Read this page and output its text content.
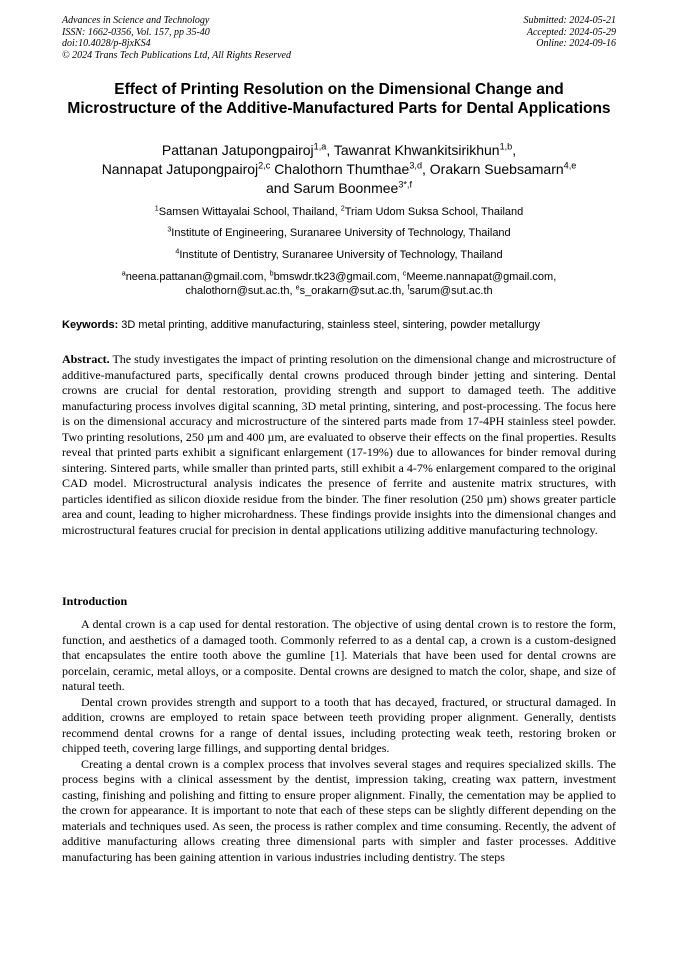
Advances in Science and Technology
ISSN: 1662-0356, Vol. 157, pp 35-40
doi:10.4028/p-8jxKS4
© 2024 Trans Tech Publications Ltd, All Rights Reserved
Submitted: 2024-05-21
Accepted: 2024-05-29
Online: 2024-09-16
Effect of Printing Resolution on the Dimensional Change and Microstructure of the Additive-Manufactured Parts for Dental Applications
Pattanan Jatupongpairoj$^{1,a}$, Tawanrat Khwankitsirikhun$^{1,b}$,
Nannapat Jatupongpairoj$^{2,c}$ Chalothorn Thumthae$^{3,d}$, Orakarn Suebsamarn$^{4,e}$
and Sarum Boonmee$^{3*,f}$
$^1$Samsen Wittayalai School, Thailand, $^2$Triam Udom Suksa School, Thailand
$^3$Institute of Engineering, Suranaree University of Technology, Thailand
$^4$Institute of Dentistry, Suranaree University of Technology, Thailand
$^a$neena.pattanan@gmail.com, $^b$bmswdr.tk23@gmail.com, $^c$Meeme.nannapat@gmail.com,
chalothorn@sut.ac.th, $^e$s_orakarn@sut.ac.th, $^f$sarum@sut.ac.th
Keywords: 3D metal printing, additive manufacturing, stainless steel, sintering, powder metallurgy
Abstract. The study investigates the impact of printing resolution on the dimensional change and microstructure of additive-manufactured parts, specifically dental crowns produced through binder jetting and sintering. Dental crowns are crucial for dental restoration, providing strength and support to damaged teeth. The additive manufacturing process involves digital scanning, 3D metal printing, sintering, and post-processing. The focus here is on the dimensional accuracy and microstructure of the sintered parts made from 17-4PH stainless steel powder. Two printing resolutions, 250 µm and 400 µm, are evaluated to observe their effects on the final properties. Results reveal that printed parts exhibit a significant enlargement (17-19%) due to allowances for binder removal during sintering. Sintered parts, while smaller than printed parts, still exhibit a 4-7% enlargement compared to the original CAD model. Microstructural analysis indicates the presence of ferrite and austenite matrix structures, with particles identified as silicon dioxide residue from the binder. The finer resolution (250 µm) shows greater particle area and count, leading to higher microhardness. These findings provide insights into the dimensional changes and microstructural features crucial for precision in dental applications utilizing additive manufacturing technology.
Introduction

A dental crown is a cap used for dental restoration. The objective of using dental crown is to restore the form, function, and aesthetics of a damaged tooth. Commonly referred to as a dental cap, a crown is a custom-designed that encapsulates the entire tooth above the gumline [1]. Materials that have been used for dental crowns are porcelain, ceramic, metal alloys, or a composite. Dental crowns are designed to match the color, shape, and size of natural teeth.

Dental crown provides strength and support to a tooth that has decayed, fractured, or structural damaged. In addition, crowns are employed to retain space between teeth providing proper alignment. Generally, dentists recommend dental crowns for a range of dental issues, including protecting weak teeth, restoring broken or chipped teeth, covering large fillings, and supporting dental bridges.

Creating a dental crown is a complex process that involves several stages and requires specialized skills. The process begins with a clinical assessment by the dentist, impression taking, creating wax pattern, investment casting, finishing and polishing and fitting to ensure proper alignment. Finally, the cementation may be applied to the crown for appearance. It is important to note that each of these steps can be slightly different depending on the materials and techniques used. As seen, the process is rather complex and time consuming. Recently, the advent of additive manufacturing allows creating three dimensional parts with simpler and faster processes. Additive manufacturing has been gaining attention in various industries including dentistry. The steps
